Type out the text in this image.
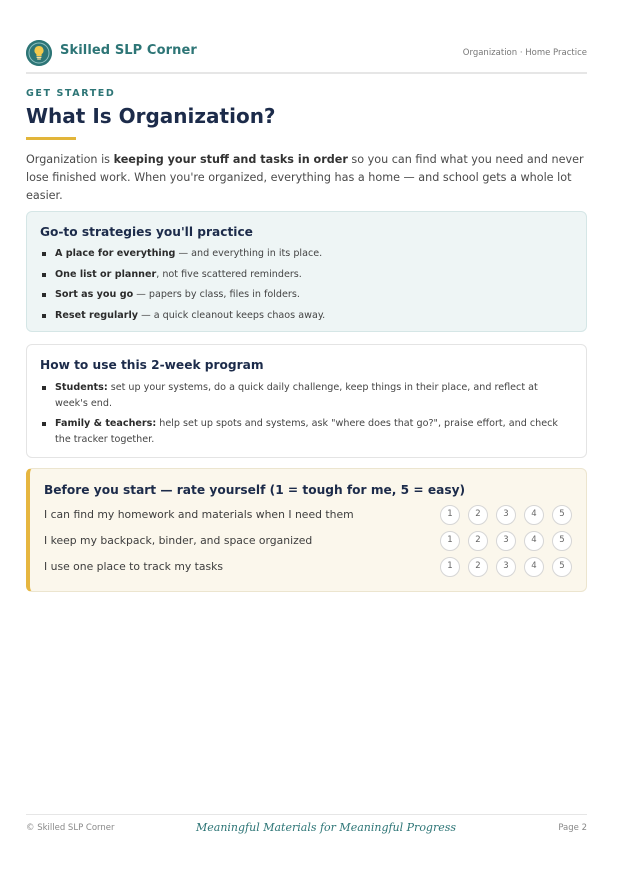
Skilled SLP Corner	Organization · Home Practice
GET STARTED
What Is Organization?

Organization is keeping your stuff and tasks in order so you can find what you need and never lose finished work. When you're organized, everything has a home — and school gets a whole lot easier.

Go-to strategies you'll practice
A place for everything — and everything in its place.
One list or planner, not five scattered reminders.
Sort as you go — papers by class, files in folders.
Reset regularly — a quick cleanout keeps chaos away.
How to use this 2-week program
Students: set up your systems, do a quick daily challenge, keep things in their place, and reflect at week's end.
Family & teachers: help set up spots and systems, ask "where does that go?", praise effort, and check the tracker together.
Before you start — rate yourself (1 = tough for me, 5 = easy)
I can find my homework and materials when I need them	1	2	3	4	5
I keep my backpack, binder, and space organized	1	2	3	4	5
I use one place to track my tasks	1	2	3	4	5
© Skilled SLP Corner	Meaningful Materials for Meaningful Progress	Page 2
